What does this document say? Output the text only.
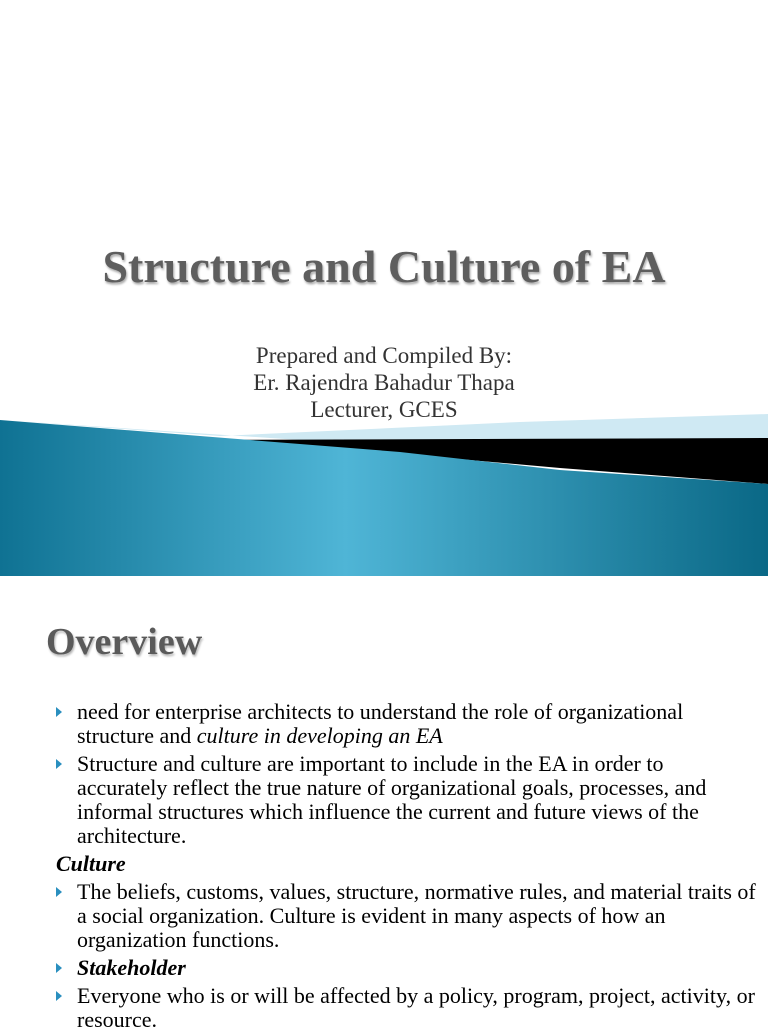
Structure and Culture of EA
Prepared and Compiled By:
Er. Rajendra Bahadur Thapa
Lecturer, GCES
Overview
need for enterprise architects to understand the role of organizational structure and culture in developing an EA
Structure and culture are important to include in the EA in order to accurately reflect the true nature of organizational goals, processes, and informal structures which influence the current and future views of the architecture.
Culture
The beliefs, customs, values, structure, normative rules, and material traits of a social organization. Culture is evident in many aspects of how an organization functions.
Stakeholder
Everyone who is or will be affected by a policy, program, project, activity, or resource.
